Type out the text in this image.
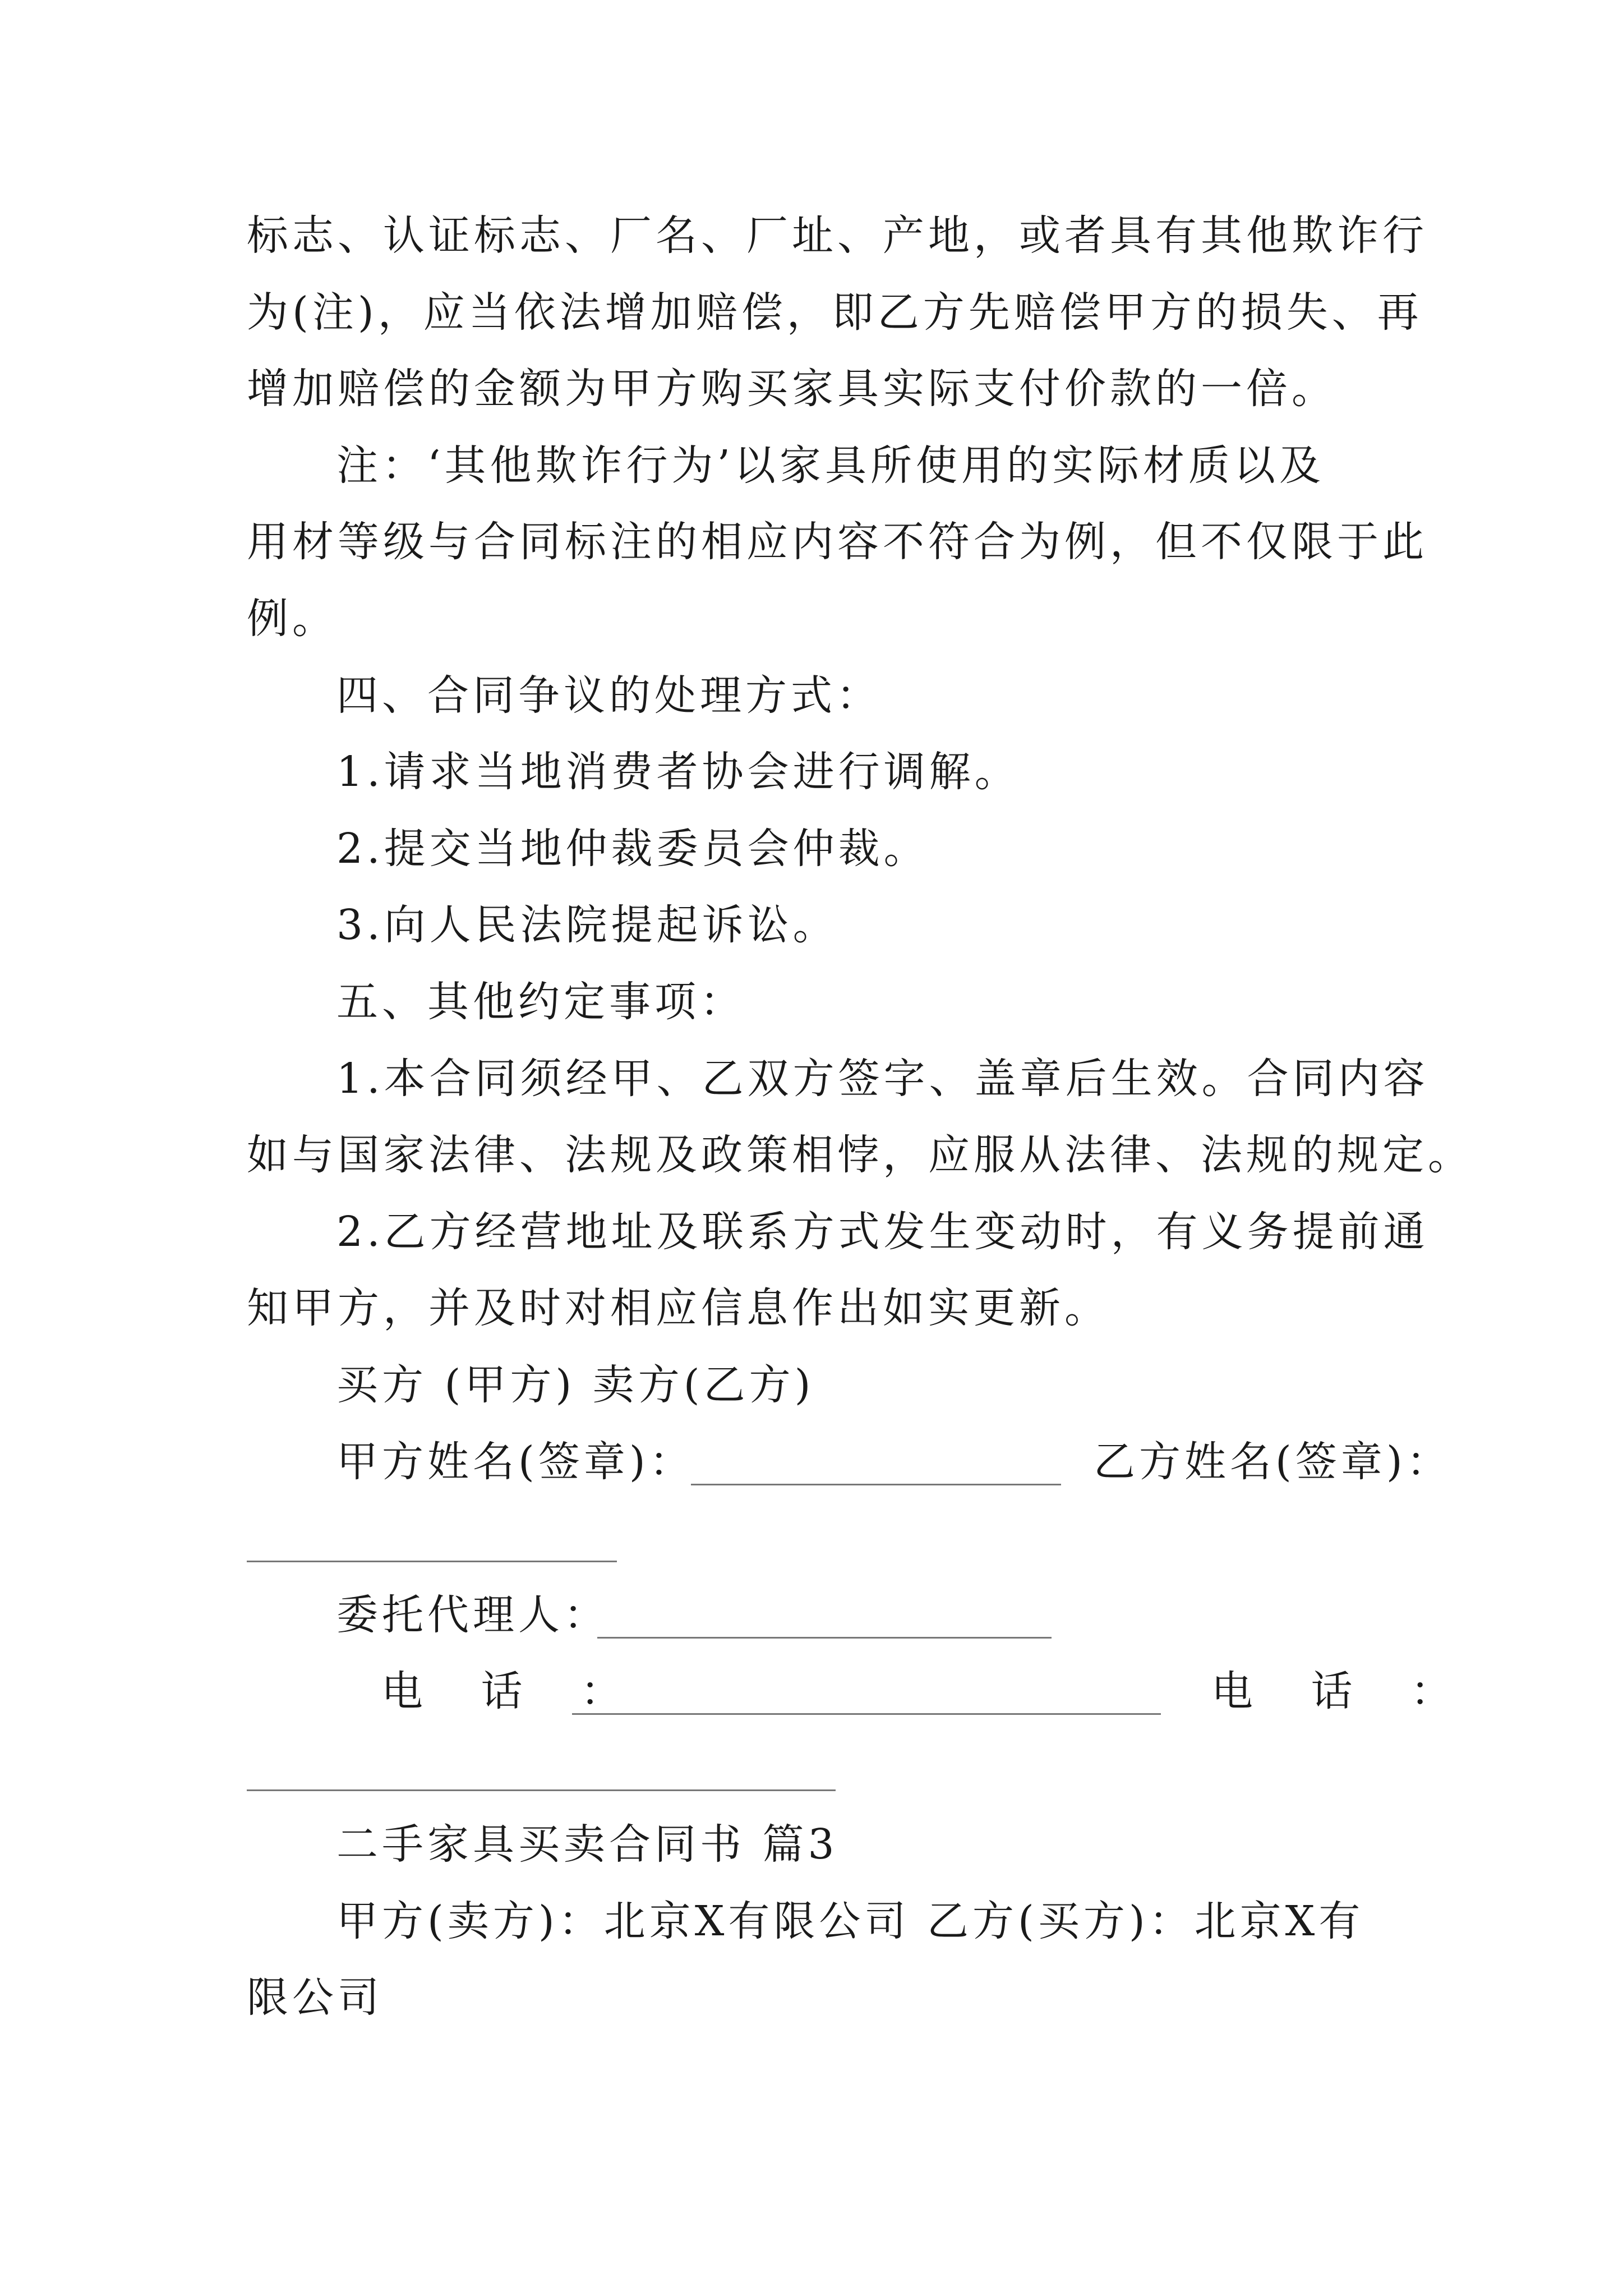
标志、认证标志、厂名、厂址、产地，或者具有其他欺诈行
为(注)，应当依法增加赔偿，即乙方先赔偿甲方的损失、再
增加赔偿的金额为甲方购买家具实际支付价款的一倍。
注：‘其他欺诈行为’以家具所使用的实际材质以及
用材等级与合同标注的相应内容不符合为例，但不仅限于此
例。
四、合同争议的处理方式：
1.请求当地消费者协会进行调解。
2.提交当地仲裁委员会仲裁。
3.向人民法院提起诉讼。
五、其他约定事项：
1.本合同须经甲、乙双方签字、盖章后生效。合同内容
如与国家法律、法规及政策相悖，应服从法律、法规的规定。
2.乙方经营地址及联系方式发生变动时，有义务提前通
知甲方，并及时对相应信息作出如实更新。
买方 (甲方) 卖方(乙方)
甲方姓名(签章)：	乙方姓名(签章)：
委托代理人：
电 话 ：	电 话 ：
二手家具买卖合同书 篇3
甲方(卖方)：北京X有限公司 乙方(买方)：北京X有
限公司
